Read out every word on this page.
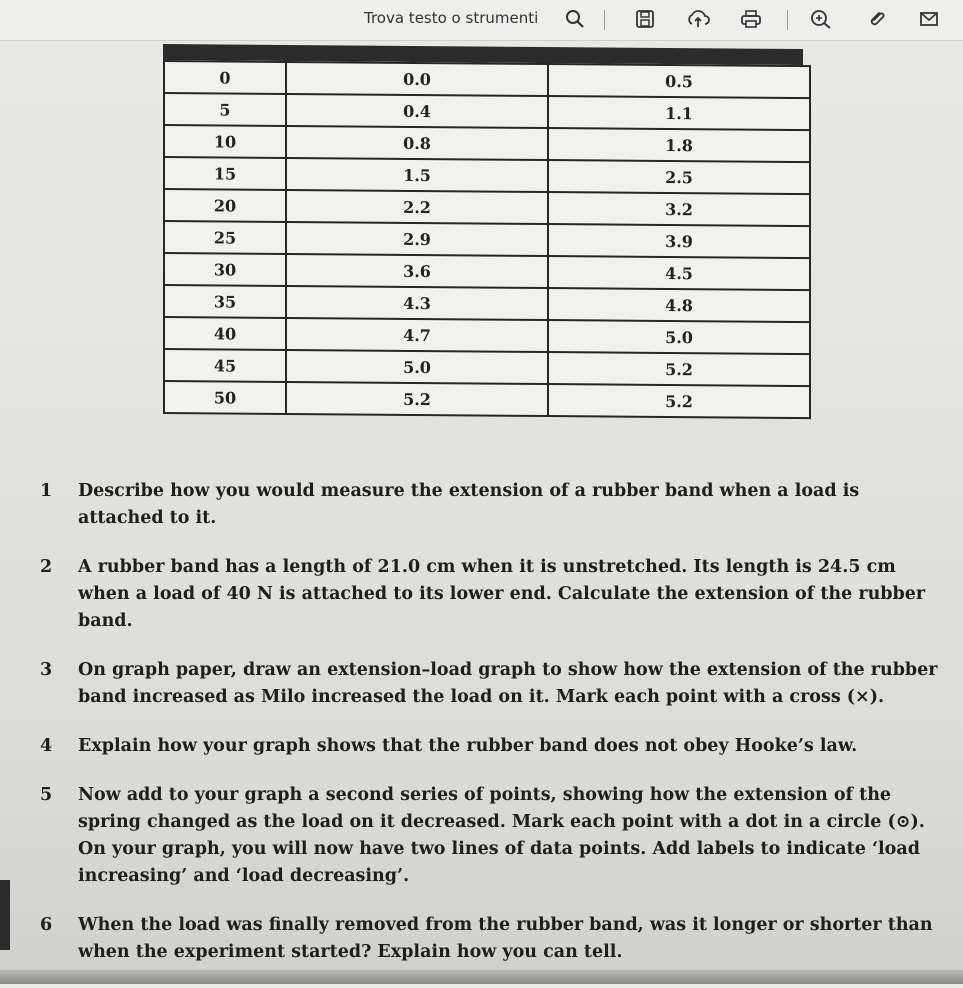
Trova testo o strumenti
0	0.0	0.5
5	0.4	1.1
10	0.8	1.8
15	1.5	2.5
20	2.2	3.2
25	2.9	3.9
30	3.6	4.5
35	4.3	4.8
40	4.7	5.0
45	5.0	5.2
50	5.2	5.2
1 Describe how you would measure the extension of a rubber band when a load is attached to it.
2 A rubber band has a length of 21.0 cm when it is unstretched. Its length is 24.5 cm when a load of 40 N is attached to its lower end. Calculate the extension of the rubber band.
3 On graph paper, draw an extension–load graph to show how the extension of the rubber band increased as Milo increased the load on it. Mark each point with a cross (×).
4 Explain how your graph shows that the rubber band does not obey Hooke’s law.
5 Now add to your graph a second series of points, showing how the extension of the spring changed as the load on it decreased. Mark each point with a dot in a circle (⊙). On your graph, you will now have two lines of data points. Add labels to indicate ‘load increasing’ and ‘load decreasing’.
6 When the load was finally removed from the rubber band, was it longer or shorter than when the experiment started? Explain how you can tell.
